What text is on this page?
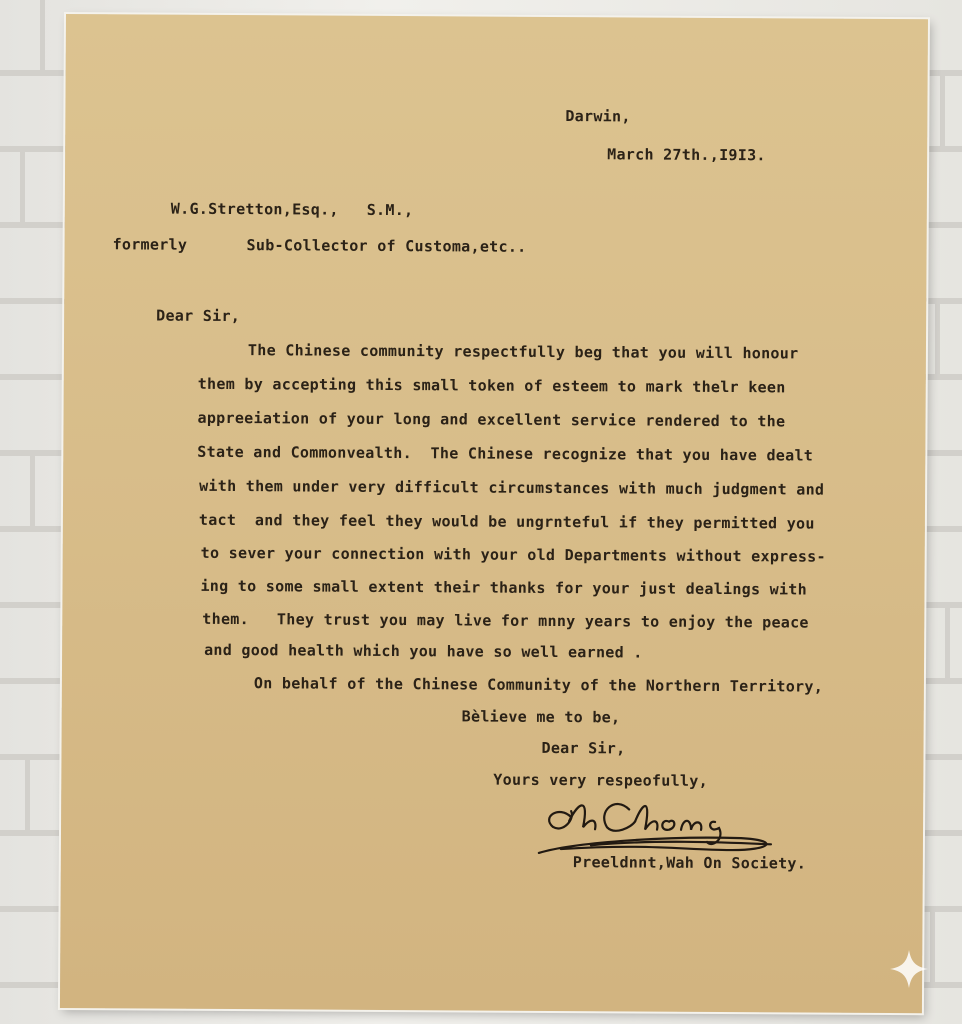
Darwin,
March 27th.,I9I3.
W.G.Stretton,Esq.,   S.M.,
formerly	Sub-Collector of Customa,etc..
Dear Sir,
The Chinese community respectfully beg that you will honour
them by accepting this small token of esteem to mark thelr keen
appreeiation of your long and excellent service rendered to the
State and Commonvealth.  The Chinese recognize that you have dealt
with them under very difficult circumstances with much judgment and
tact  and they feel they would be ungrnteful if they permitted you
to sever your connection with your old Departments without express-
ing to some small extent their thanks for your just dealings with
them.   They trust you may live for mnny years to enjoy the peace
and good health which you have so well earned .
On behalf of the Chinese Community of the Northern Territory,
Bèlieve me to be,
Dear Sir,
Yours very respeofully,
Preeldnnt,Wah On Society.
